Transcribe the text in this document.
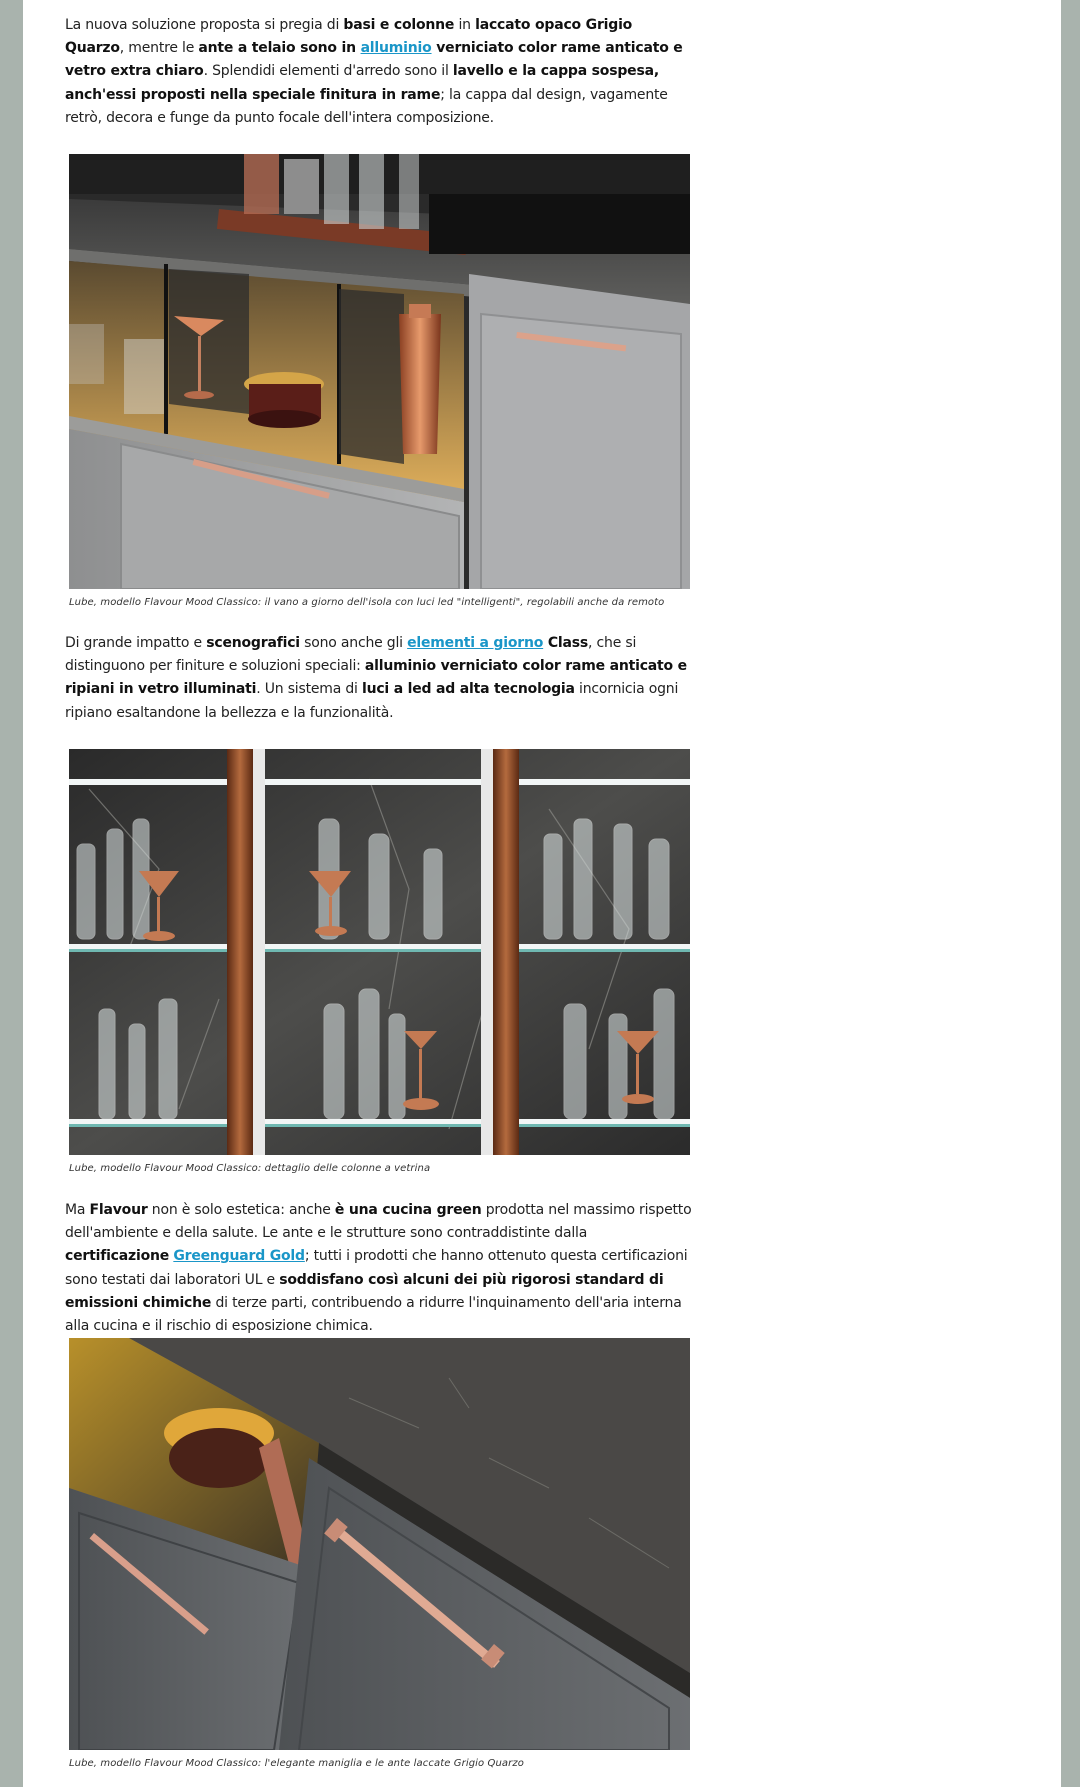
La nuova soluzione proposta si pregia di basi e colonne in laccato opaco Grigio Quarzo, mentre le ante a telaio sono in alluminio verniciato color rame anticato e vetro extra chiaro. Splendidi elementi d'arredo sono il lavello e la cappa sospesa, anch'essi proposti nella speciale finitura in rame; la cappa dal design, vagamente retrò, decora e funge da punto focale dell'intera composizione.

Lube, modello Flavour Mood Classico: il vano a giorno dell'isola con luci led "intelligenti", regolabili anche da remoto

Di grande impatto e scenografici sono anche gli elementi a giorno Class, che si distinguono per finiture e soluzioni speciali: alluminio verniciato color rame anticato e ripiani in vetro illuminati. Un sistema di luci a led ad alta tecnologia incornicia ogni ripiano esaltandone la bellezza e la funzionalità.

Lube, modello Flavour Mood Classico: dettaglio delle colonne a vetrina

Ma Flavour non è solo estetica: anche è una cucina green prodotta nel massimo rispetto dell'ambiente e della salute. Le ante e le strutture sono contraddistinte dalla certificazione Greenguard Gold; tutti i prodotti che hanno ottenuto questa certificazioni sono testati dai laboratori UL e soddisfano così alcuni dei più rigorosi standard di emissioni chimiche di terze parti, contribuendo a ridurre l'inquinamento dell'aria interna alla cucina e il rischio di esposizione chimica.

Lube, modello Flavour Mood Classico: l'elegante maniglia e le ante laccate Grigio Quarzo
